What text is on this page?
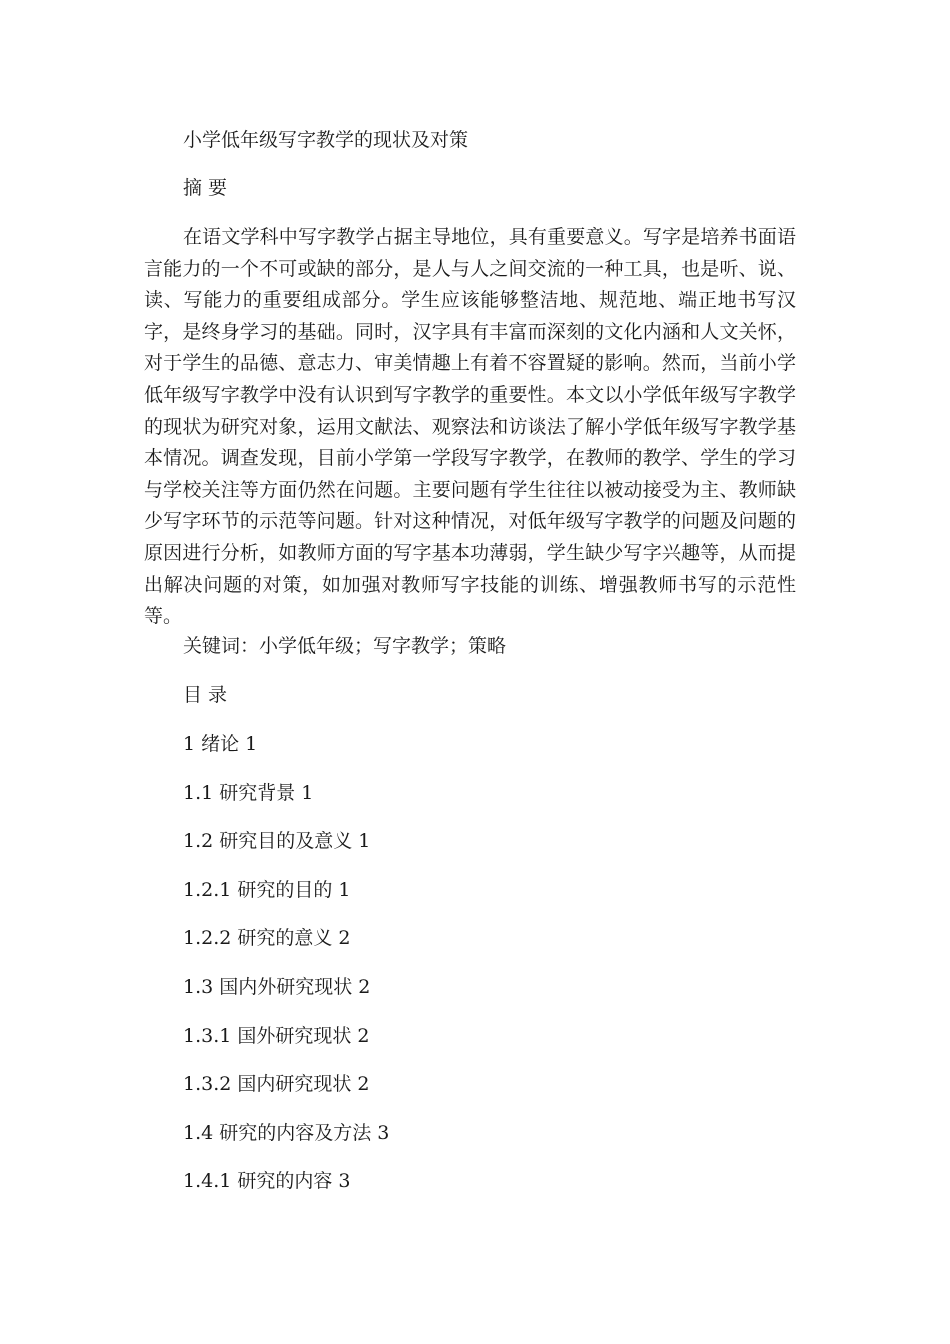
小学低年级写字教学的现状及对策
摘 要
在语文学科中写字教学占据主导地位，具有重要意义。写字是培养书面语言能力的一个不可或缺的部分，是人与人之间交流的一种工具，也是听、说、读、写能力的重要组成部分。学生应该能够整洁地、规范地、端正地书写汉字，是终身学习的基础。同时，汉字具有丰富而深刻的文化内涵和人文关怀，对于学生的品德、意志力、审美情趣上有着不容置疑的影响。然而，当前小学低年级写字教学中没有认识到写字教学的重要性。本文以小学低年级写字教学的现状为研究对象，运用文献法、观察法和访谈法了解小学低年级写字教学基本情况。调查发现，目前小学第一学段写字教学，在教师的教学、学生的学习与学校关注等方面仍然在问题。主要问题有学生往往以被动接受为主、教师缺少写字环节的示范等问题。针对这种情况，对低年级写字教学的问题及问题的原因进行分析，如教师方面的写字基本功薄弱，学生缺少写字兴趣等，从而提出解决问题的对策，如加强对教师写字技能的训练、增强教师书写的示范性等。
关键词：小学低年级；写字教学；策略
目 录
1 绪论 1
1.1 研究背景 1
1.2 研究目的及意义 1
1.2.1 研究的目的 1
1.2.2 研究的意义 2
1.3 国内外研究现状 2
1.3.1 国外研究现状 2
1.3.2 国内研究现状 2
1.4 研究的内容及方法 3
1.4.1 研究的内容 3
